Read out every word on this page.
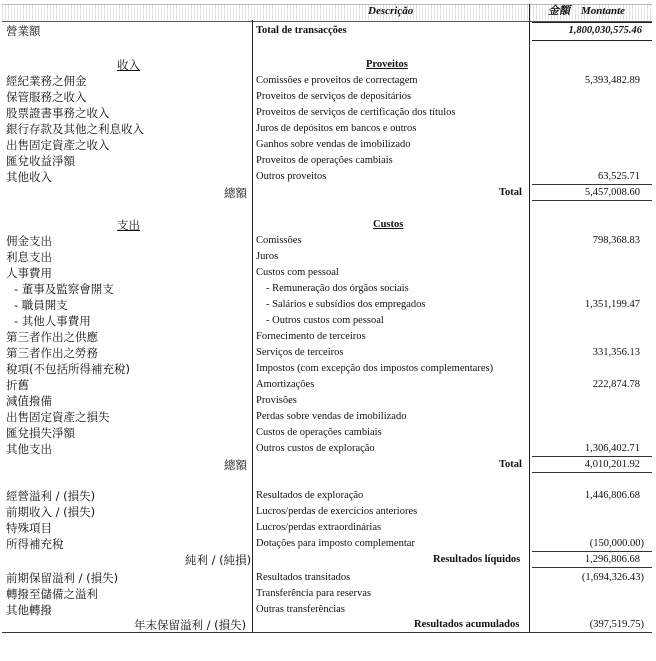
Descrição	金額 Montante
營業額	Total de transacções	1,800,030,575.46
收入	Proveitos
經紀業務之佣金	Comissões e proveitos de correctagem	5,393,482.89
保管服務之收入	Proveitos de serviços de depositários
股票證書事務之收入	Proveitos de serviços de certificação dos títulos
銀行存款及其他之利息收入	Juros de depósitos em bancos e outros
出售固定資產之收入	Ganhos sobre vendas de imobilizado
匯兌收益淨額	Proveitos de operações cambiais
其他收入	Outros proveitos	63,525.71
總額	Total	5,457,008.60
支出	Custos
佣金支出	Comissões	798,368.83
利息支出	Juros
人事費用	Custos com pessoal
- 董事及監察會開支	- Remuneração dos órgãos sociais
- 職員開支	- Salários e subsídios dos empregados	1,351,199.47
- 其他人事費用	- Outros custos com pessoal
第三者作出之供應	Fornecimento de terceiros
第三者作出之勞務	Serviços de terceiros	331,356.13
稅項(不包括所得補充稅)	Impostos (com excepção dos impostos complementares)
折舊	Amortizações	222,874.78
減值撥備	Provisões
出售固定資產之損失	Perdas sobre vendas de imobilizado
匯兌損失淨額	Custos de operações cambiais
其他支出	Outros custos de exploração	1,306,402.71
總額	Total	4,010,201.92
經營溢利 / (損失)	Resultados de exploração	1,446,806.68
前期收入 / (損失)	Lucros/perdas de exercícios anteriores
特殊項目	Lucros/perdas extraordinárias
所得補充稅	Dotações para imposto complementar	(150,000.00)
純利 / (純損)	Resultados líquidos	1,296,806.68
前期保留溢利 / (損失)	Resultados transitados	(1,694,326.43)
轉撥至儲備之溢利	Transferência para reservas
其他轉撥	Outras transferências
年末保留溢利 / (損失)	Resultados acumulados	(397,519.75)
